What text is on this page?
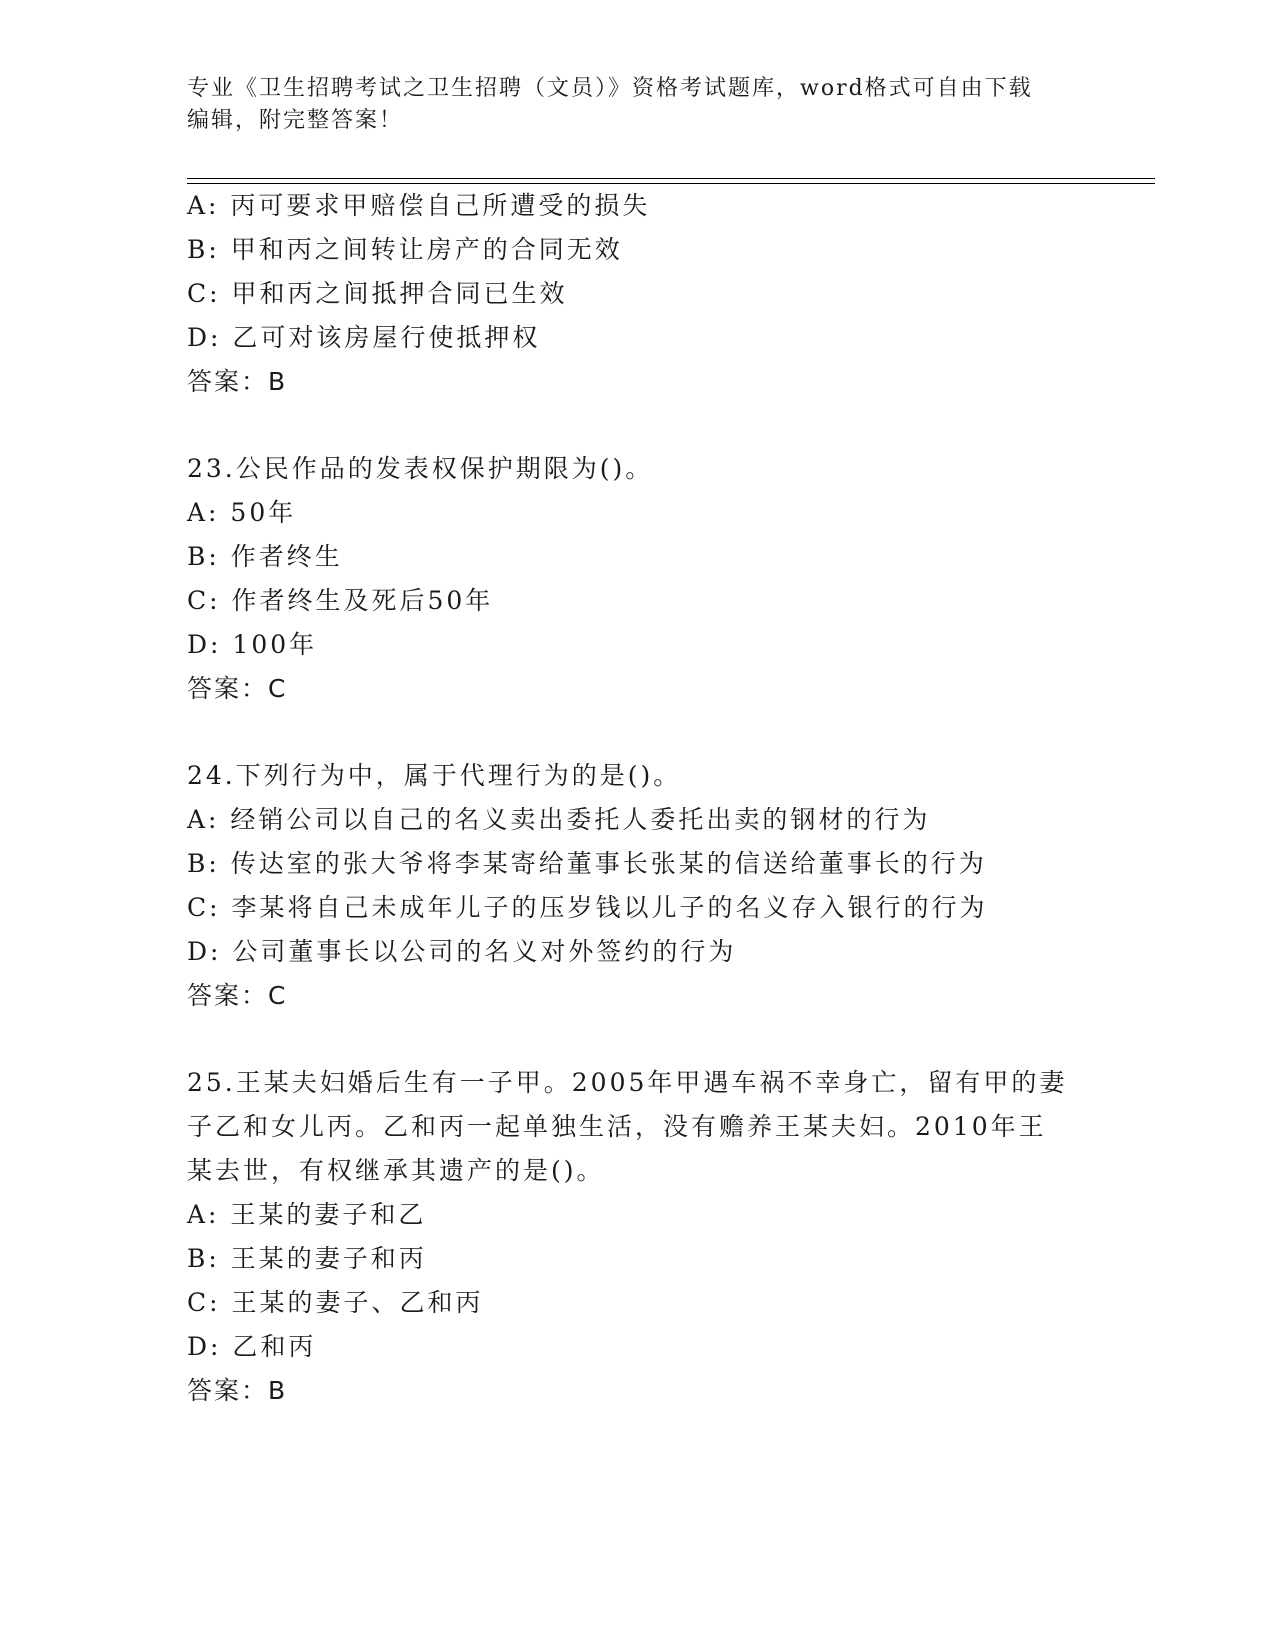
专业《卫生招聘考试之卫生招聘（文员）》资格考试题库，word格式可自由下载
编辑，附完整答案！
A: 丙可要求甲赔偿自己所遭受的损失
B: 甲和丙之间转让房产的合同无效
C: 甲和丙之间抵押合同已生效
D: 乙可对该房屋行使抵押权
答案：B
23.公民作品的发表权保护期限为()。
A: 50年
B: 作者终生
C: 作者终生及死后50年
D: 100年
答案：C
24.下列行为中，属于代理行为的是()。
A: 经销公司以自己的名义卖出委托人委托出卖的钢材的行为
B: 传达室的张大爷将李某寄给董事长张某的信送给董事长的行为
C: 李某将自己未成年儿子的压岁钱以儿子的名义存入银行的行为
D: 公司董事长以公司的名义对外签约的行为
答案：C
25.王某夫妇婚后生有一子甲。2005年甲遇车祸不幸身亡，留有甲的妻
子乙和女儿丙。乙和丙一起单独生活，没有赡养王某夫妇。2010年王
某去世，有权继承其遗产的是()。
A: 王某的妻子和乙
B: 王某的妻子和丙
C: 王某的妻子、乙和丙
D: 乙和丙
答案：B
